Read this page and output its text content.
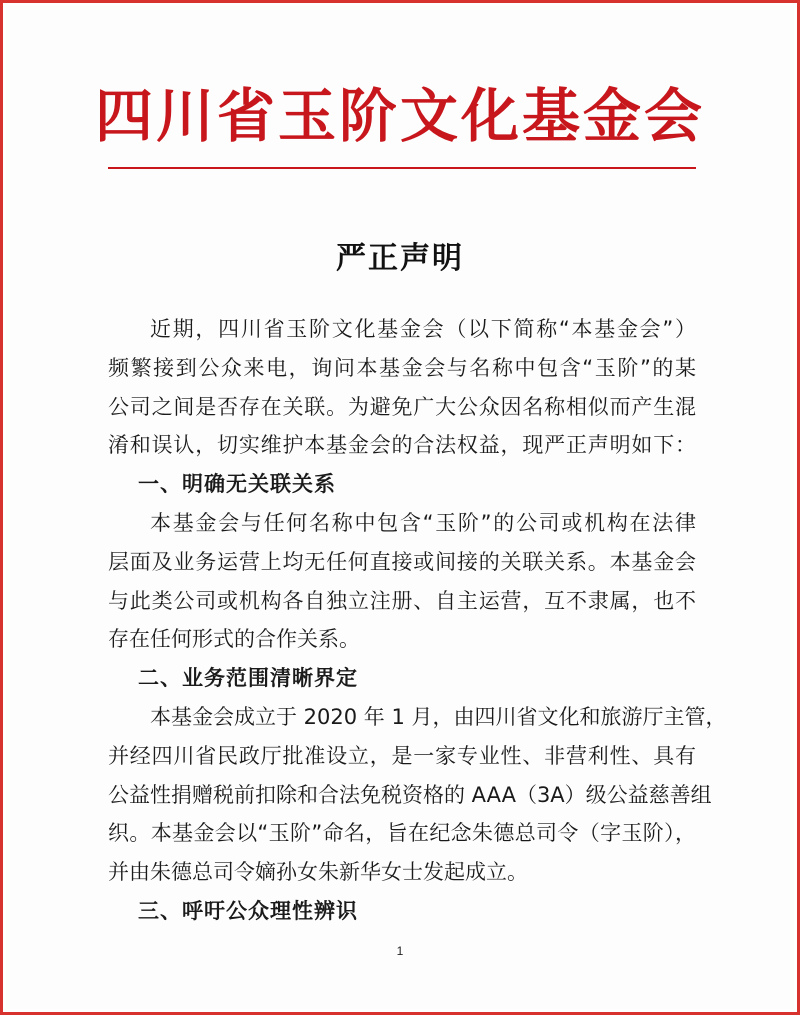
四川省玉阶文化基金会
严正声明
近期，四川省玉阶文化基金会（以下简称“本基金会”）
频繁接到公众来电，询问本基金会与名称中包含“玉阶”的某
公司之间是否存在关联。为避免广大公众因名称相似而产生混
淆和误认，切实维护本基金会的合法权益，现严正声明如下：
一、明确无关联关系
本基金会与任何名称中包含“玉阶”的公司或机构在法律
层面及业务运营上均无任何直接或间接的关联关系。本基金会
与此类公司或机构各自独立注册、自主运营，互不隶属，也不
存在任何形式的合作关系。
二、业务范围清晰界定
本基金会成立于 2020 年 1 月，由四川省文化和旅游厅主管，
并经四川省民政厅批准设立，是一家专业性、非营利性、具有
公益性捐赠税前扣除和合法免税资格的 AAA（3A）级公益慈善组
织。本基金会以“玉阶”命名，旨在纪念朱德总司令（字玉阶），
并由朱德总司令嫡孙女朱新华女士发起成立。
三、呼吁公众理性辨识
1
